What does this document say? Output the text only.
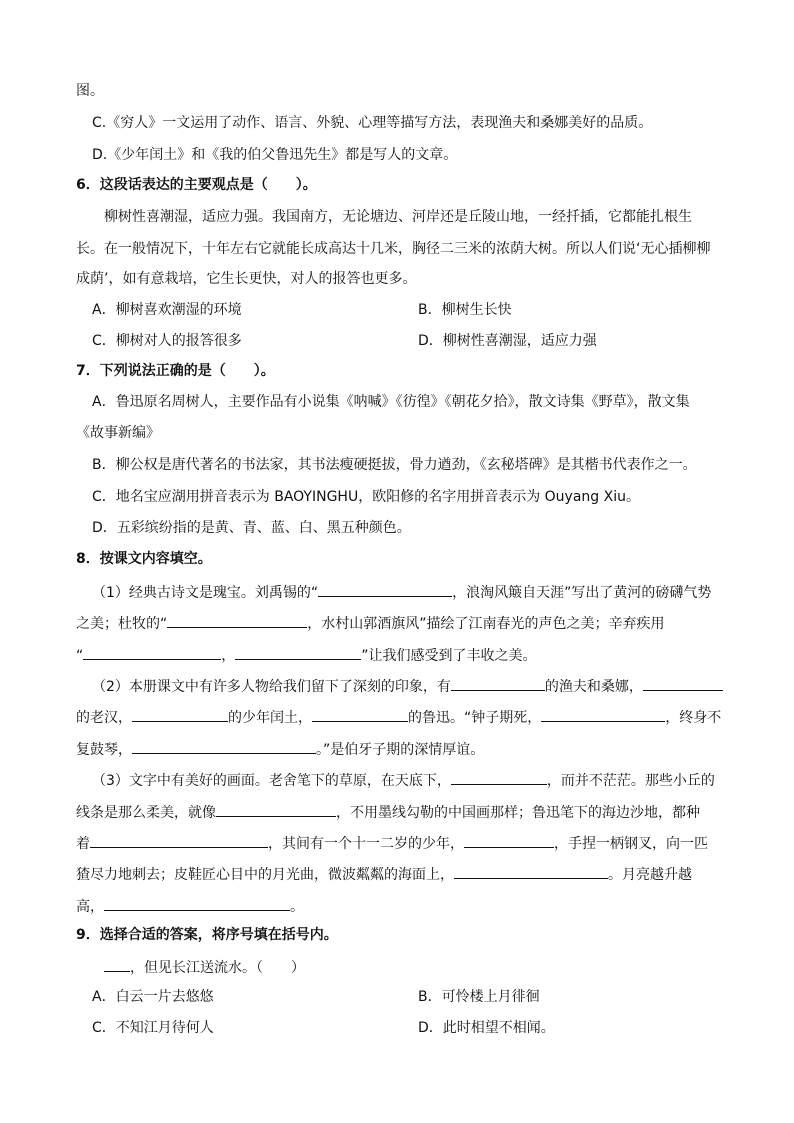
图。
C.《穷人》一文运用了动作、语言、外貌、心理等描写方法，表现渔夫和桑娜美好的品质。
D.《少年闰土》和《我的伯父鲁迅先生》都是写人的文章。
6．这段话表达的主要观点是（　　）。
柳树性喜潮湿，适应力强。我国南方，无论塘边、河岸还是丘陵山地，一经扦插，它都能扎根生
长。在一般情况下，十年左右它就能长成高达十几米，胸径二三米的浓荫大树。所以人们说‘无心插柳柳
成荫’，如有意栽培，它生长更快，对人的报答也更多。
A．柳树喜欢潮湿的环境	B．柳树生长快
C．柳树对人的报答很多	D．柳树性喜潮湿，适应力强
7．下列说法正确的是（　　）。
A．鲁迅原名周树人，主要作品有小说集《呐喊》《彷徨》《朝花夕拾》，散文诗集《野草》，散文集
《故事新编》
B．柳公权是唐代著名的书法家，其书法瘦硬挺拔，骨力遒劲，《玄秘塔碑》是其楷书代表作之一。
C．地名宝应湖用拼音表示为 BAOYINGHU，欧阳修的名字用拼音表示为 Ouyang Xiu。
D．五彩缤纷指的是黄、青、蓝、白、黑五种颜色。
8．按课文内容填空。
（1）经典古诗文是瑰宝。刘禹锡的“	，浪淘风簸自天涯”写出了黄河的磅礴气势
之美；杜牧的“	，水村山郭酒旗风”描绘了江南春光的声色之美；辛弃疾用
“	，	”让我们感受到了丰收之美。
（2）本册课文中有许多人物给我们留下了深刻的印象，有	的渔夫和桑娜，
的老汉，	的少年闰土，	的鲁迅。“钟子期死，	，终身不
复鼓琴，	。”是伯牙子期的深情厚谊。
（3）文字中有美好的画面。老舍笔下的草原，在天底下，	，而并不茫茫。那些小丘的
线条是那么柔美，就像	，不用墨线勾勒的中国画那样；鲁迅笔下的海边沙地，都种
着	，其间有一个十一二岁的少年，	，手捏一柄钢叉，向一匹
猹尽力地刺去；皮鞋匠心目中的月光曲，微波粼粼的海面上，	。月亮越升越
高，	。
9．选择合适的答案，将序号填在括号内。
，但见长江送流水。（　　）
A．白云一片去悠悠	B．可怜楼上月徘徊
C．不知江月待何人	D．此时相望不相闻。
